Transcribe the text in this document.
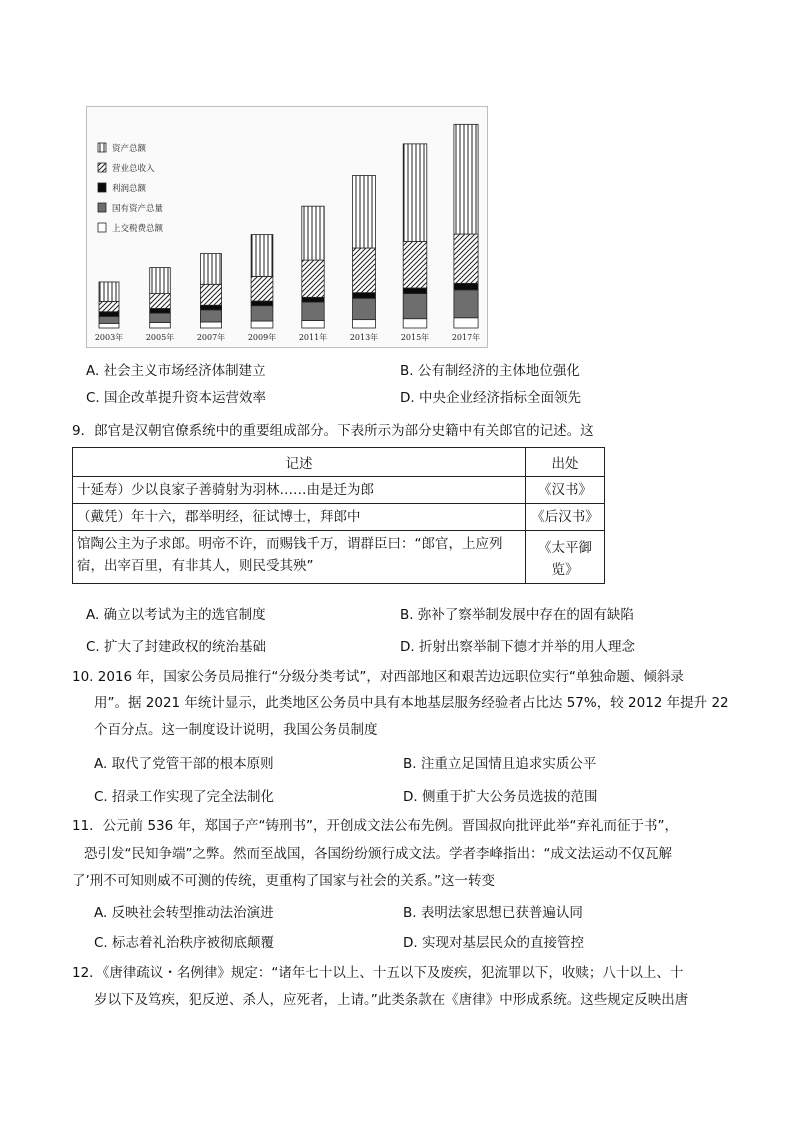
资产总额
营业总收入
利润总额
国有资产总量
上交税费总额
2003年	2005年	2007年	2009年	2011年	2013年	2015年	2017年
A. 社会主义市场经济体制建立	B. 公有制经济的主体地位强化
C. 国企改革提升资本运营效率	D. 中央企业经济指标全面领先
9．郎官是汉朝官僚系统中的重要组成部分。下表所示为部分史籍中有关郎官的记述。这
记述	出处
十延寿）少以良家子善骑射为羽林……由是迁为郎	《汉书》
（戴凭）年十六，郡举明经，征试博士，拜郎中	《后汉书》
馆陶公主为子求郎。明帝不许，而赐钱千万，谓群臣曰：“郎官，上应列宿，出宰百里，有非其人，则民受其殃”	《太平御览》
A. 确立以考试为主的选官制度	B. 弥补了察举制发展中存在的固有缺陷
C. 扩大了封建政权的统治基础	D. 折射出察举制下德才并举的用人理念
10. 2016 年，国家公务员局推行“分级分类考试”，对西部地区和艰苦边远职位实行“单独命题、倾斜录
用”。据 2021 年统计显示，此类地区公务员中具有本地基层服务经验者占比达 57%，较 2012 年提升 22
个百分点。这一制度设计说明，我国公务员制度
A. 取代了党管干部的根本原则	B. 注重立足国情且追求实质公平
C. 招录工作实现了完全法制化	D. 侧重于扩大公务员选拔的范围
11．公元前 536 年，郑国子产“铸刑书”，开创成文法公布先例。晋国叔向批评此举“弃礼而征于书”，
恐引发“民知争端”之弊。然而至战国，各国纷纷颁行成文法。学者李峰指出：“成文法运动不仅瓦解
了’刑不可知则威不可测的传统，更重构了国家与社会的关系。”这一转变
A. 反映社会转型推动法治演进	B. 表明法家思想已获普遍认同
C. 标志着礼治秩序被彻底颠覆	D. 实现对基层民众的直接管控
12．《唐律疏议・名例律》规定：“诸年七十以上、十五以下及废疾，犯流罪以下，收赎；八十以上、十
岁以下及笃疾，犯反逆、杀人，应死者，上请。”此类条款在《唐律》中形成系统。这些规定反映出唐
